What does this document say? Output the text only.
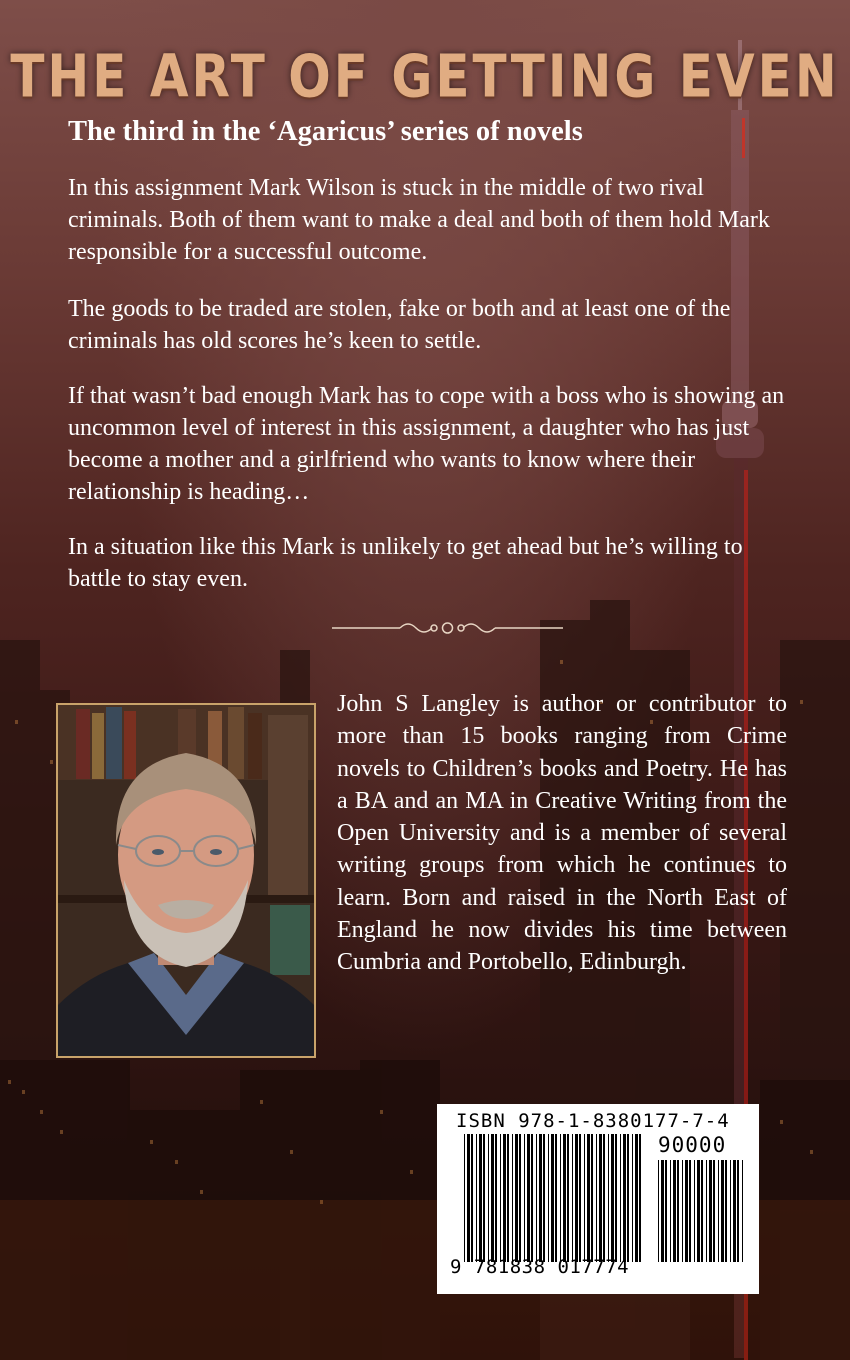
THE ART OF GETTING EVEN
The third in the ‘Agaricus’ series of novels
In this assignment Mark Wilson is stuck in the middle of two rival criminals. Both of them want to make a deal and both of them hold Mark responsible for a successful outcome.
The goods to be traded are stolen, fake or both and at least one of the criminals has old scores he’s keen to settle.
If that wasn’t bad enough Mark has to cope with a boss who is showing an uncommon level of interest in this assignment, a daughter who has just become a mother and a girlfriend who wants to know where their relationship is heading…
In a situation like this Mark is unlikely to get ahead but he’s willing to battle to stay even.
John S Langley is author or contributor to more than 15 books ranging from Crime novels to Children’s books and Poetry. He has a BA and an MA in Creative Writing from the Open University and is a member of several writing groups from which he continues to learn. Born and raised in the North East of England he now divides his time between Cumbria and Portobello, Edinburgh.
ISBN 978-1-8380177-7-4
90000
9 781838 017774
